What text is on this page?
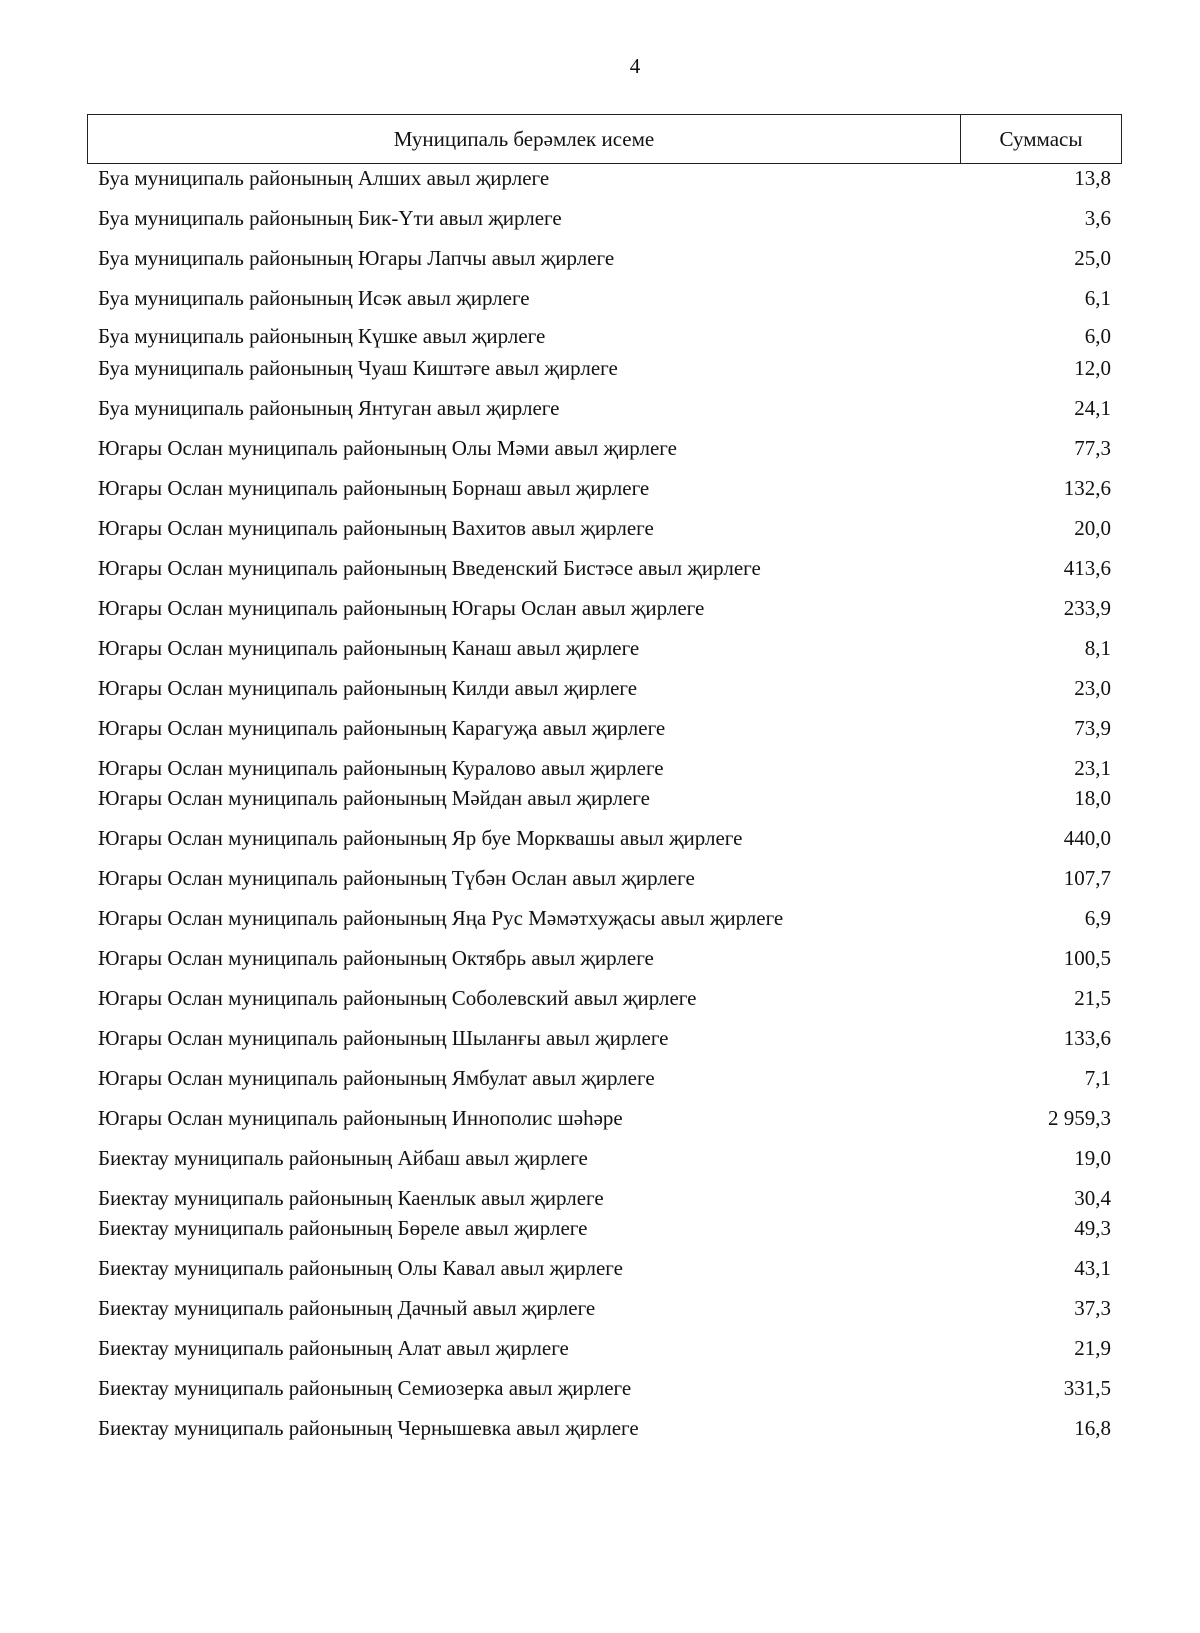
4
Муниципаль берәмлек исеме	Суммасы
Буа муниципаль районының Алших авыл җирлеге	13,8
Буа муниципаль районының Бик-Үти авыл җирлеге	3,6
Буа муниципаль районының Югары Лапчы авыл җирлеге	25,0
Буа муниципаль районының Исәк авыл җирлеге	6,1
Буа муниципаль районының Күшке авыл җирлеге	6,0
Буа муниципаль районының Чуаш Киштәге авыл җирлеге	12,0
Буа муниципаль районының Янтуган авыл җирлеге	24,1
Югары Ослан муниципаль районының Олы Мәми авыл җирлеге	77,3
Югары Ослан муниципаль районының Борнаш авыл җирлеге	132,6
Югары Ослан муниципаль районының Вахитов авыл җирлеге	20,0
Югары Ослан муниципаль районының Введенский Бистәсе авыл җирлеге	413,6
Югары Ослан муниципаль районының Югары Ослан авыл җирлеге	233,9
Югары Ослан муниципаль районының Канаш авыл җирлеге	8,1
Югары Ослан муниципаль районының Килди авыл җирлеге	23,0
Югары Ослан муниципаль районының Карагуҗа авыл җирлеге	73,9
Югары Ослан муниципаль районының Куралово авыл җирлеге	23,1
Югары Ослан муниципаль районының Мәйдан авыл җирлеге	18,0
Югары Ослан муниципаль районының Яр буе Морквашы авыл җирлеге	440,0
Югары Ослан муниципаль районының Түбән Ослан авыл җирлеге	107,7
Югары Ослан муниципаль районының Яңа Рус Мәмәтхуҗасы авыл җирлеге	6,9
Югары Ослан муниципаль районының Октябрь авыл җирлеге	100,5
Югары Ослан муниципаль районының Соболевский авыл җирлеге	21,5
Югары Ослан муниципаль районының Шыланғы авыл җирлеге	133,6
Югары Ослан муниципаль районының Ямбулат авыл җирлеге	7,1
Югары Ослан муниципаль районының Иннополис шәһәре	2 959,3
Биектау муниципаль районының Айбаш авыл җирлеге	19,0
Биектау муниципаль районының Каенлык авыл җирлеге	30,4
Биектау муниципаль районының Бөреле авыл җирлеге	49,3
Биектау муниципаль районының Олы Кавал авыл җирлеге	43,1
Биектау муниципаль районының Дачный авыл җирлеге	37,3
Биектау муниципаль районының Алат авыл җирлеге	21,9
Биектау муниципаль районының Семиозерка авыл җирлеге	331,5
Биектау муниципаль районының Чернышевка авыл җирлеге	16,8
